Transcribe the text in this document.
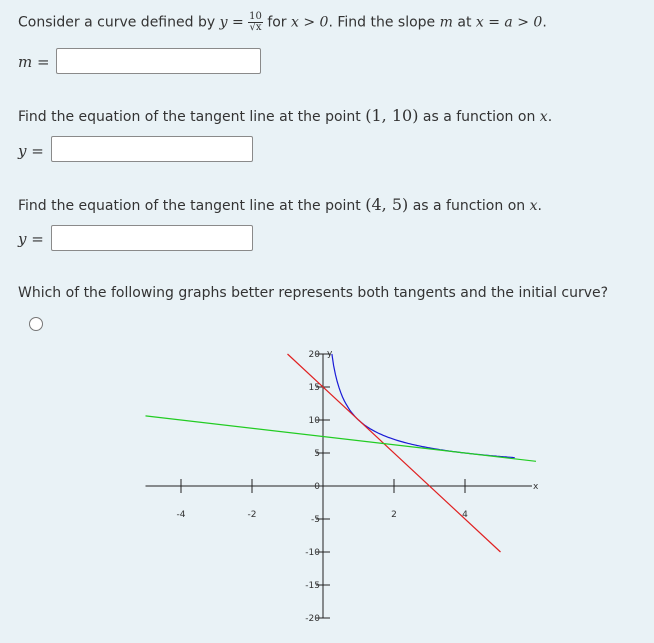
Consider a curve defined by $y = \frac{10}{√x}$ for x > 0. Find the slope m at x = a > 0.
m =
Find the equation of the tangent line at the point (1, 10) as a function on x.
y =
Find the equation of the tangent line at the point (4, 5) as a function on x.
y =
Which of the following graphs better represents both tangents and the initial curve?
x
y
-4	-2	2	4
-20
-15
-10
-5
0
5
10
15
20
